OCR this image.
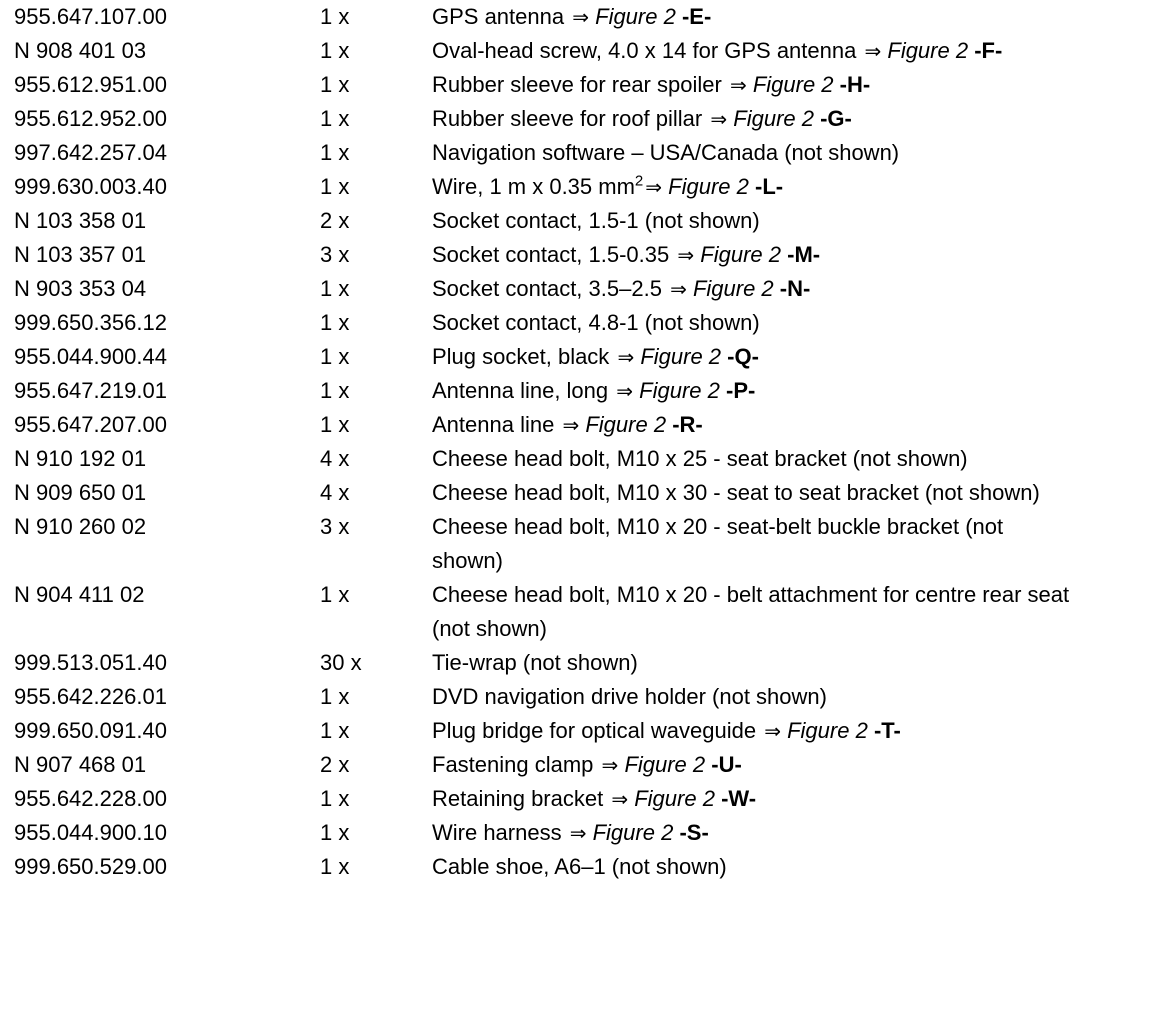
955.647.107.00	1 x	GPS antenna ⇒ Figure 2 -E-
N 908 401 03	1 x	Oval-head screw, 4.0 x 14 for GPS antenna ⇒ Figure 2 -F-
955.612.951.00	1 x	Rubber sleeve for rear spoiler ⇒ Figure 2 -H-
955.612.952.00	1 x	Rubber sleeve for roof pillar ⇒ Figure 2 -G-
997.642.257.04	1 x	Navigation software – USA/Canada (not shown)
999.630.003.40	1 x	Wire, 1 m x 0.35 $mm^2$ ⇒ Figure 2 -L-
N 103 358 01	2 x	Socket contact, 1.5-1 (not shown)
N 103 357 01	3 x	Socket contact, 1.5-0.35 ⇒ Figure 2 -M-
N 903 353 04	1 x	Socket contact, 3.5–2.5 ⇒ Figure 2 -N-
999.650.356.12	1 x	Socket contact, 4.8-1 (not shown)
955.044.900.44	1 x	Plug socket, black ⇒ Figure 2 -Q-
955.647.219.01	1 x	Antenna line, long ⇒ Figure 2 -P-
955.647.207.00	1 x	Antenna line ⇒ Figure 2 -R-
N 910 192 01	4 x	Cheese head bolt, M10 x 25 - seat bracket (not shown)
N 909 650 01	4 x	Cheese head bolt, M10 x 30 - seat to seat bracket (not shown)
N 910 260 02	3 x	Cheese head bolt, M10 x 20 - seat-belt buckle bracket (not
shown)
N 904 411 02	1 x	Cheese head bolt, M10 x 20 - belt attachment for centre rear seat
(not shown)
999.513.051.40	30 x	Tie-wrap (not shown)
955.642.226.01	1 x	DVD navigation drive holder (not shown)
999.650.091.40	1 x	Plug bridge for optical waveguide ⇒ Figure 2 -T-
N 907 468 01	2 x	Fastening clamp ⇒ Figure 2 -U-
955.642.228.00	1 x	Retaining bracket ⇒ Figure 2 -W-
955.044.900.10	1 x	Wire harness ⇒ Figure 2 -S-
999.650.529.00	1 x	Cable shoe, A6–1 (not shown)
